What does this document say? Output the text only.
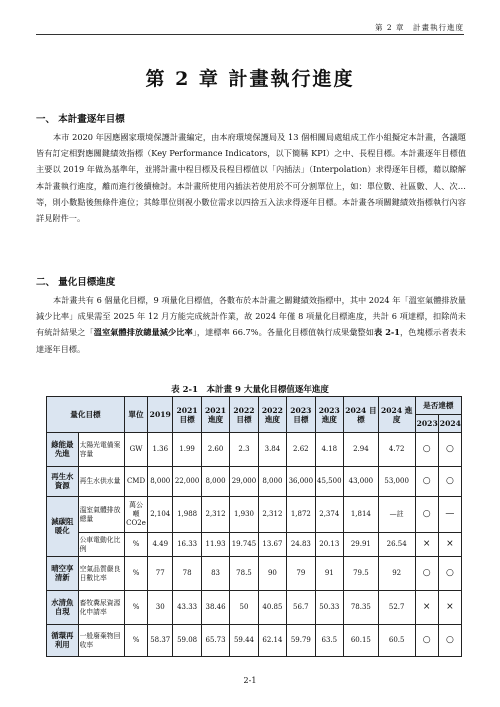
第 2 章　計畫執行進度
第 2 章 計畫執行進度
一、 本計畫逐年目標

本市 2020 年因應國家環境保護計畫編定，由本府環境保護局及 13 個相關局處組成工作小組擬定本計畫，各議題皆有訂定相對應關鍵績效指標（Key Performance Indicators，以下簡稱 KPI）之中、長程目標。本計畫逐年目標值主要以 2019 年做為基準年，並將計畫中程目標及長程目標值以「內插法」（Interpolation）求得逐年目標，藉以瞭解本計畫執行進度，離而進行後續檢討。本計畫所使用內插法若使用於不可分割單位上，如：單位數、社區數、人、次…等，則小數點後無條件進位；其餘單位則視小數位需求以四捨五入法求得逐年目標。本計畫各項關鍵績效指標執行內容詳見附件一。

二、 量化目標進度

本計畫共有 6 個量化目標，9 項量化目標值，各數布於本計畫之關鍵績效指標中，其中 2024 年「溫室氣體排放量減少比率」成果需至 2025 年 12 月方能完成統計作業，故 2024 年僅 8 項量化目標進度，共計 6 項達標，扣除尚未有統計結果之「溫室氣體排放總量減少比率」，達標率 66.7%。各量化目標值執行成果彙整如表 2-1，色塊標示者表未達逐年目標。

表 2-1　本計畫 9 大量化目標值逐年進度
量化目標		單位	2019	2021 目標	2021 進度	2022 目標	2022 進度	2023 目標	2023 進度	2024 目標	2024 進度	是否達標	
												2023	2024
綠能最先進	太陽光電備案容量	GW	1.36	1.99	2.60	2.3	3.84	2.62	4.18	2.94	4.72	○	○
再生水資源	再生水供水量	CMD	8,000	22,000	8,000	29,000	8,000	36,000	45,500	43,000	53,000	○	○
減碳阻暖化	溫室氣體排放總量	萬公噸CO2e	2,104	1,988	2,312	1,930	2,312	1,872	2,374	1,814	—註	○	—
	公車電動化比例	%	4.49	16.33	11.93	19.745	13.67	24.83	20.13	29.91	26.54	×	×
晴空享清新	空氣品質嚴良日數比率	%	77	78	83	78.5	90	79	91	79.5	92	○	○
水清魚自現	畜牧糞尿資源化申請率	%	30	43.33	38.46	50	40.85	56.7	50.33	78.35	52.7	×	×
循環再利用	一般廢棄物回收率	%	58.37	59.08	65.73	59.44	62.14	59.79	63.5	60.15	60.5	○	○
2-1
